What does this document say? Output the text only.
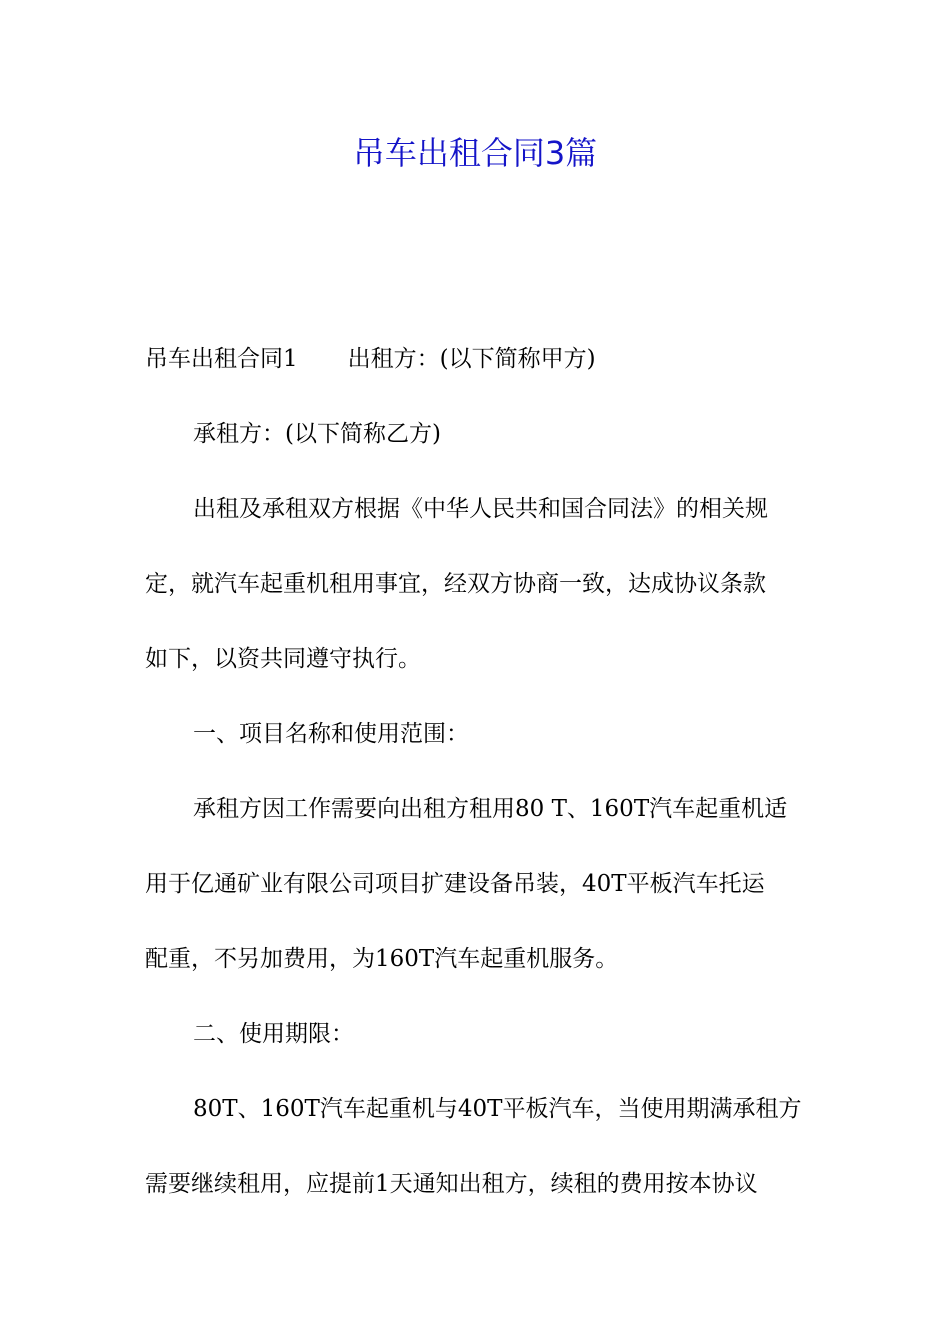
吊车出租合同3篇

吊车出租合同1 出租方：(以下简称甲方)

承租方：(以下简称乙方)

出租及承租双方根据《中华人民共和国合同法》的相关规

定，就汽车起重机租用事宜，经双方协商一致，达成协议条款

如下，以资共同遵守执行。

一、项目名称和使用范围：

承租方因工作需要向出租方租用80 T、160T汽车起重机适

用于亿通矿业有限公司项目扩建设备吊装，40T平板汽车托运

配重，不另加费用，为160T汽车起重机服务。

二、使用期限：

80T、160T汽车起重机与40T平板汽车，当使用期满承租方

需要继续租用，应提前1天通知出租方，续租的费用按本协议
